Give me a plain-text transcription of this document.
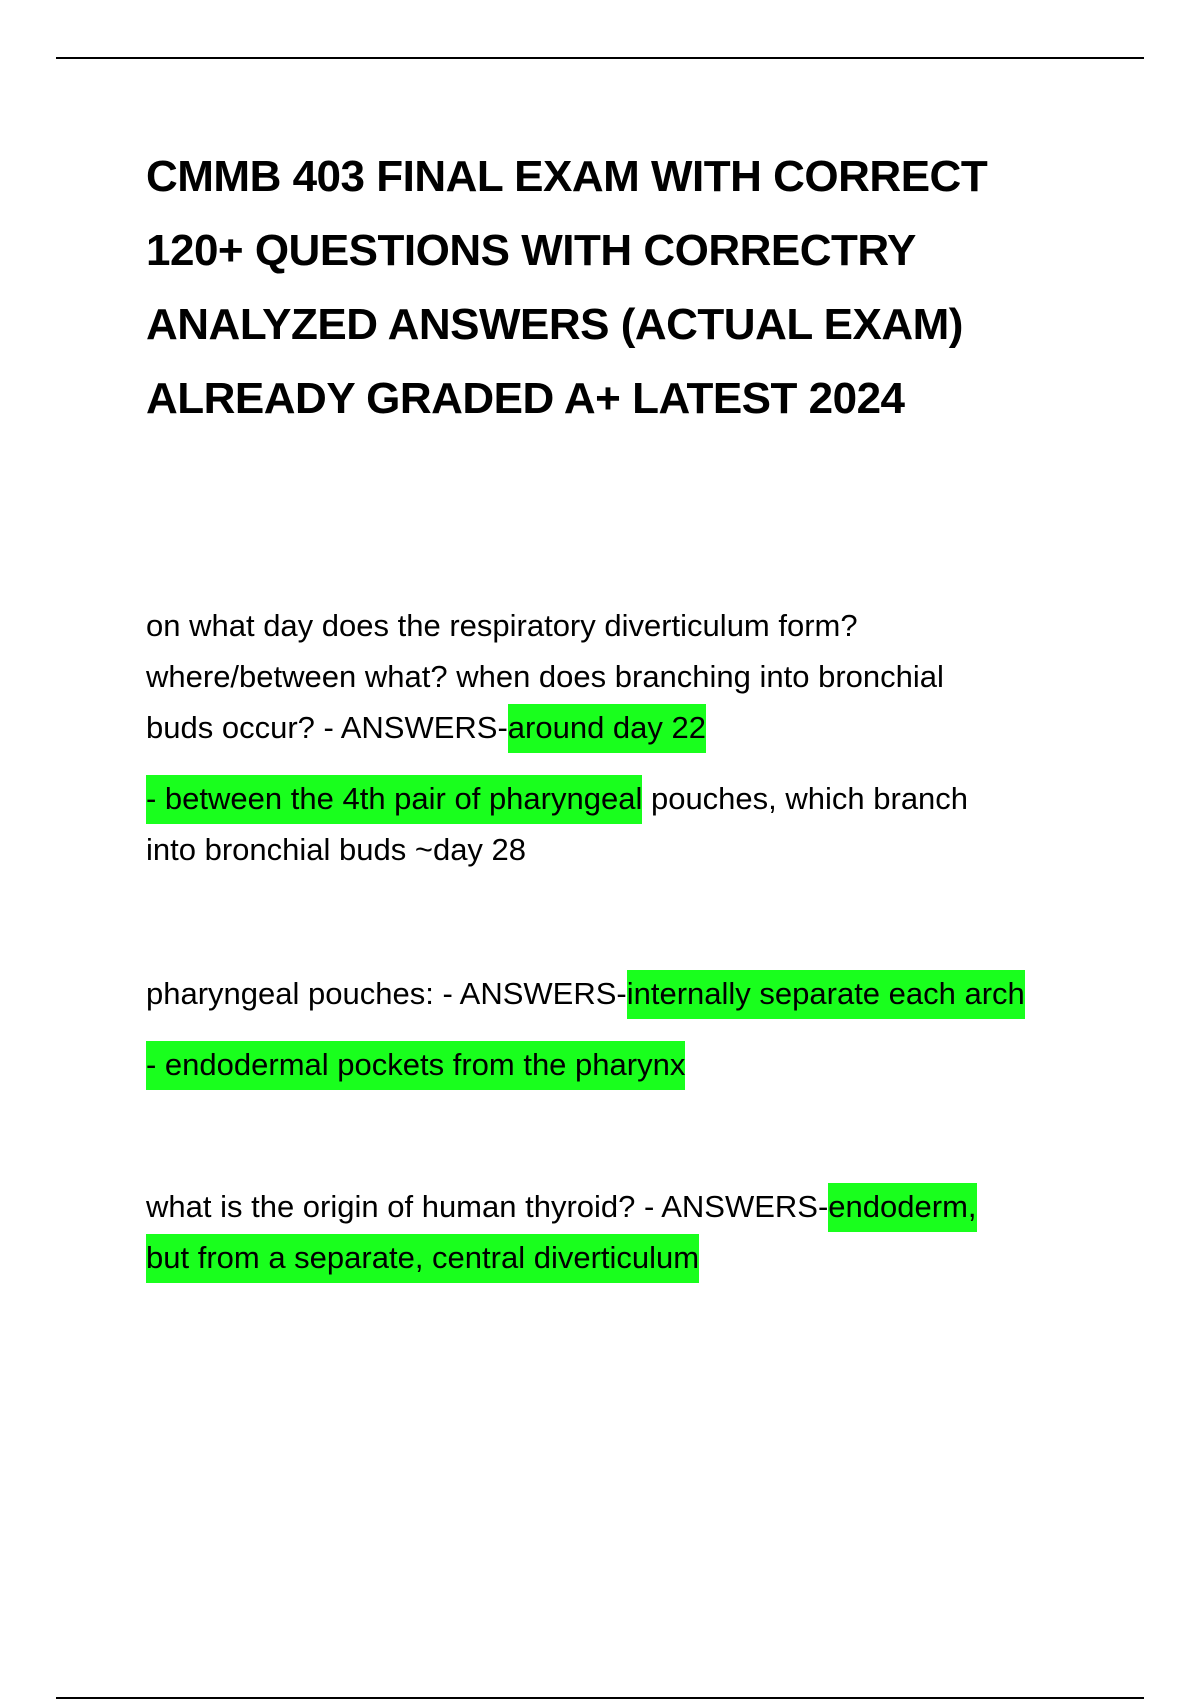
CMMB 403 FINAL EXAM WITH CORRECT
120+ QUESTIONS WITH CORRECTRY
ANALYZED ANSWERS (ACTUAL EXAM)
ALREADY GRADED A+ LATEST 2024

on what day does the respiratory diverticulum form?
where/between what? when does branching into bronchial
buds occur? - ANSWERS-around day 22

- between the 4th pair of pharyngeal pouches, which branch
into bronchial buds ~day 28

pharyngeal pouches: - ANSWERS-internally separate each arch

- endodermal pockets from the pharynx

what is the origin of human thyroid? - ANSWERS-endoderm,
but from a separate, central diverticulum
